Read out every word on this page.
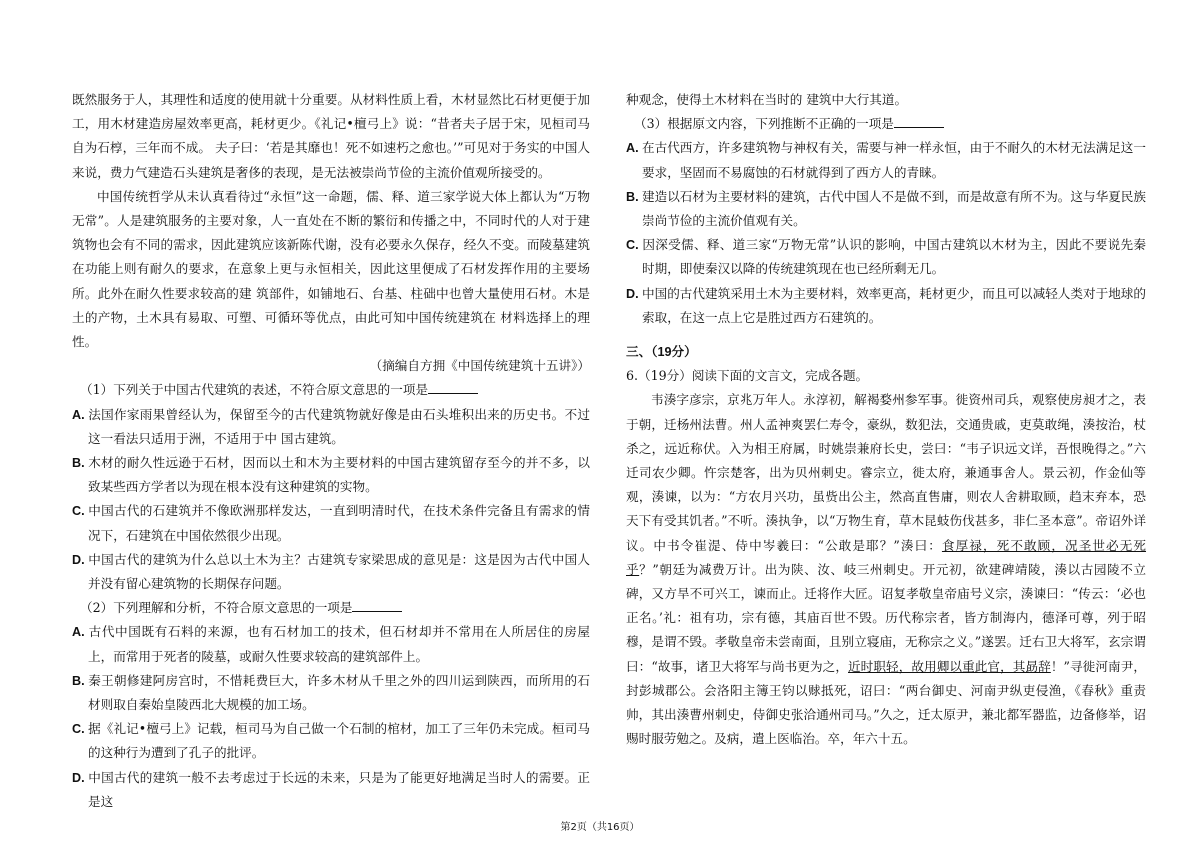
既然服务于人，其理性和适度的使用就十分重要。从材料性质上看，木材显然比石材更便于加工，用木材建造房屋效率更高，耗材更少。《礼记•檀弓上》说：“昔者夫子居于宋，见桓司马自为石椁，三年而不成。 夫子曰：‘若是其靡也！死不如速朽之愈也。’”可见对于务实的中国人来说，费力气建造石头建筑是奢侈的表现，是无法被崇尚节俭的主流价值观所接受的。

中国传统哲学从未认真看待过“永恒”这一命题，儒、释、道三家学说大体上都认为“万物无常”。人是建筑服务的主要对象，人一直处在不断的繁衍和传播之中，不同时代的人对于建筑物也会有不同的需求，因此建筑应该新陈代谢，没有必要永久保存，经久不变。而陵墓建筑在功能上则有耐久的要求，在意象上更与永恒相关，因此这里便成了石材发挥作用的主要场所。此外在耐久性要求较高的建 筑部件，如铺地石、台基、柱础中也曾大量使用石材。木是土的产物，土木具有易取、可塑、可循环等优点，由此可知中国传统建筑在 材料选择上的理性。

（摘编自方拥《中国传统建筑十五讲》）

（1）下列关于中国古代建筑的表述，不符合原文意思的一项是

A. 法国作家雨果曾经认为，保留至今的古代建筑物就好像是由石头堆积出来的历史书。不过这一看法只适用于洲，不适用于中 国古建筑。

B. 木材的耐久性远逊于石材，因而以土和木为主要材料的中国古建筑留存至今的并不多，以致某些西方学者以为现在根本没有这种建筑的实物。

C. 中国古代的石建筑并不像欧洲那样发达，一直到明清时代，在技术条件完备且有需求的情况下，石建筑在中国依然很少出现。

D. 中国古代的建筑为什么总以土木为主？古建筑专家梁思成的意见是：这是因为古代中国人并没有留心建筑物的长期保存问题。

（2）下列理解和分析，不符合原文意思的一项是

A. 古代中国既有石料的来源，也有石材加工的技术，但石材却并不常用在人所居住的房屋上，而常用于死者的陵墓，或耐久性要求较高的建筑部件上。

B. 秦王朝修建阿房宫时，不惜耗费巨大，许多木材从千里之外的四川运到陕西，而所用的石材则取自秦始皇陵西北大规模的加工场。

C. 据《礼记•檀弓上》记载，桓司马为自己做一个石制的棺材，加工了三年仍未完成。桓司马的这种行为遭到了孔子的批评。

D. 中国古代的建筑一般不去考虑过于长远的未来，只是为了能更好地满足当时人的需要。正是这

种观念，使得土木材料在当时的 建筑中大行其道。

（3）根据原文内容，下列推断不正确的一项是

A. 在古代西方，许多建筑物与神权有关，需要与神一样永恒，由于不耐久的木材无法满足这一要求，坚固而不易腐蚀的石材就得到了西方人的青睐。

B. 建造以石材为主要材料的建筑，古代中国人不是做不到，而是故意有所不为。这与华夏民族崇尚节俭的主流价值观有关。

C. 因深受儒、释、道三家“万物无常”认识的影响，中国古建筑以木材为主，因此不要说先秦时期，即使秦汉以降的传统建筑现在也已经所剩无几。

D. 中国的古代建筑采用土木为主要材料，效率更高，耗材更少，而且可以减轻人类对于地球的索取，在这一点上它是胜过西方石建筑的。

三、（19分）

6.（19分）阅读下面的文言文，完成各题。

韦湊字彦宗，京兆万年人。永淳初，解褐婺州参军事。徙资州司兵，观察使房昶才之，表于朝，迁杨州法曹。州人孟神爽罢仁寿令，豪纵，数犯法，交通贵戚，吏莫敢绳，湊按治，杖杀之，远近称伏。入为相王府属，时姚崇兼府长史，尝曰：“韦子识远文详，吾恨晚得之。”六迁司农少卿。忤宗楚客，出为贝州刺史。睿宗立，徙太府，兼通事舍人。景云初，作金仙等观，湊谏，以为：“方农月兴功，虽赀出公主，然高直售庸，则农人舍耕取顾，趋末弃本，恐天下有受其饥者。”不听。湊执争，以“万物生育，草木昆蚑伤伐甚多，非仁圣本意”。帝诏外详议。中书令崔湜、侍中岑羲曰：“公敢是耶？”湊曰：食厚禄，死不敢顾，况圣世必无死乎？”朝廷为减费万计。出为陕、汝、岐三州刺史。开元初，欲建碑靖陵，湊以古园陵不立碑，又方旱不可兴工，谏而止。迁将作大匠。诏复孝敬皇帝庙号义宗，湊谏曰：“传云：‘必也正名。’礼：祖有功，宗有德，其庙百世不毁。历代称宗者，皆方制海内，德泽可尊，列于昭穆，是谓不毁。孝敬皇帝未尝南面，且别立寝庙，无称宗之义。”遂罢。迁右卫大将军，玄宗谓曰：“故事，诸卫大将军与尚书更为之，近时职轻，故用卿以重此官，其勗辞！”寻徙河南尹，封彭城郡公。会洛阳主簿王钧以赇抵死，诏曰：“两台御史、河南尹纵吏侵渔，《春秋》重责帅，其出湊曹州刺史，侍御史张洽通州司马。”久之，迁太原尹，兼北都军器监，边备修举，诏赐时服劳勉之。及病，遣上医临治。卒，年六十五。

第2页（共16页）
